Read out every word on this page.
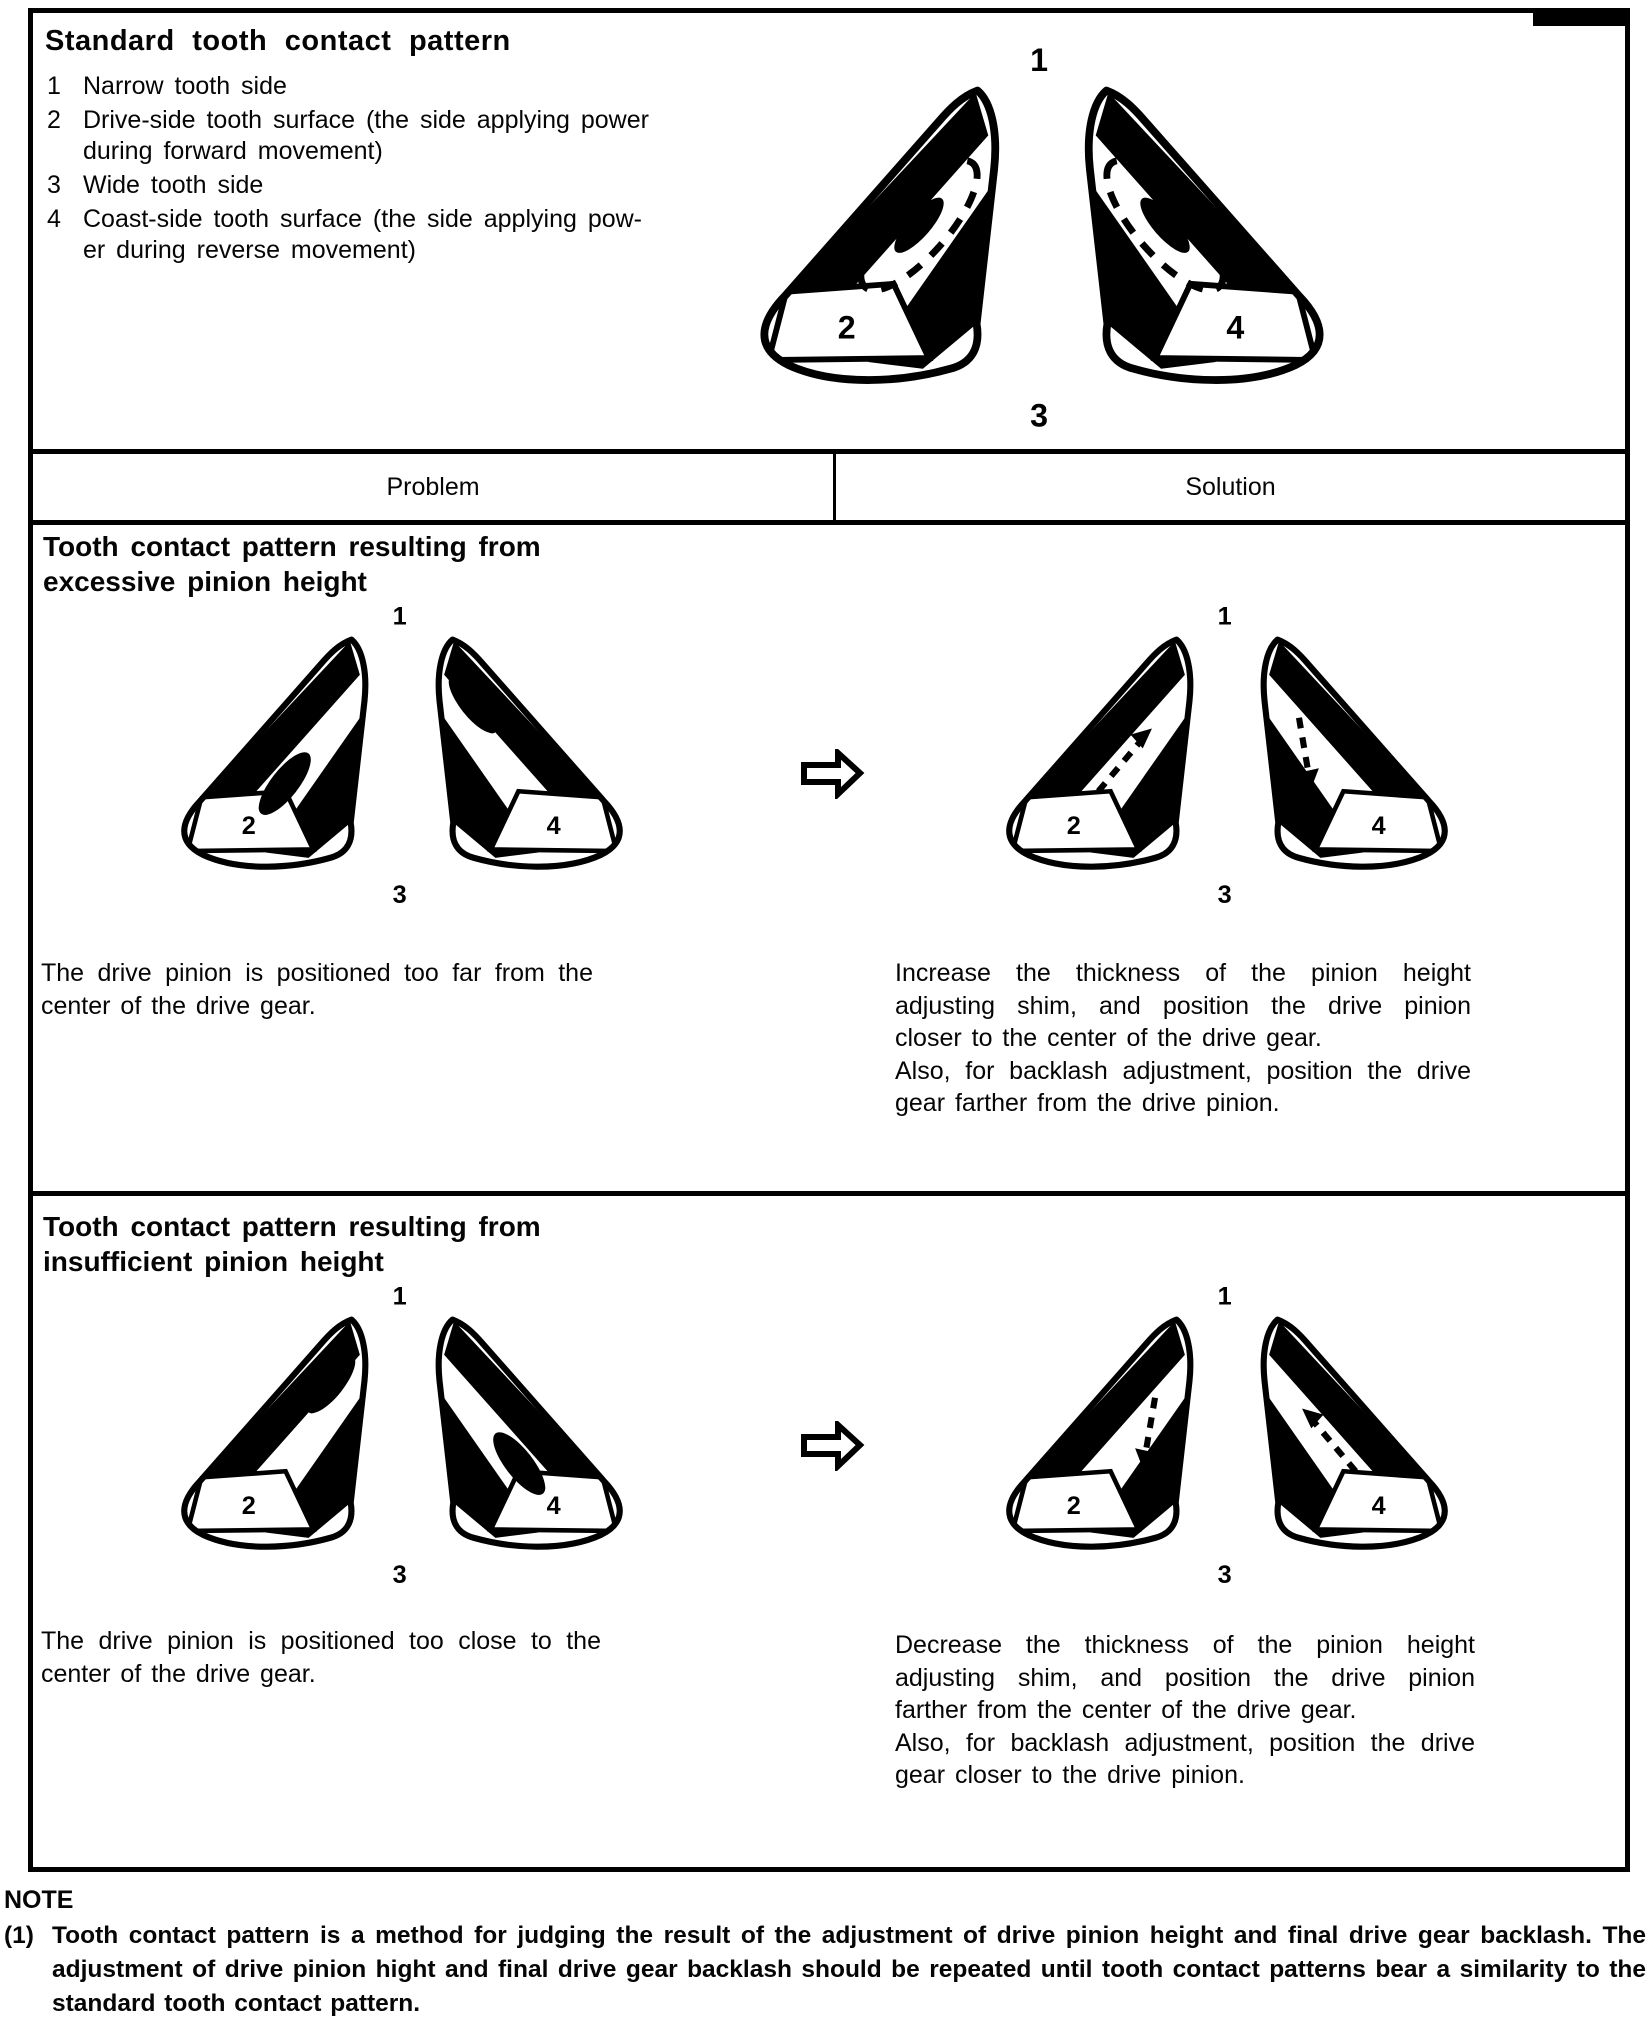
Standard tooth contact pattern
1 Narrow tooth side
2 Drive-side tooth surface (the side applying power
during forward movement)
3 Wide tooth side
4 Coast-side tooth surface (the side applying pow-
er during reverse movement)
1
2
3
4
Problem	Solution
Tooth contact pattern resulting from excessive pinion height
1
2
3
4
1
2
3
4
The drive pinion is positioned too far from the center of the drive gear.
Increase the thickness of the pinion height adjusting shim, and position the drive pinion closer to the center of the drive gear.
Also, for backlash adjustment, position the drive gear farther from the drive pinion.
Tooth contact pattern resulting from insufficient pinion height
1
2
3
4
1
2
3
4
The drive pinion is positioned too close to the center of the drive gear.
Decrease the thickness of the pinion height adjusting shim, and position the drive pinion farther from the center of the drive gear.
Also, for backlash adjustment, position the drive gear closer to the drive pinion.
NOTE
(1) Tooth contact pattern is a method for judging the result of the adjustment of drive pinion height and final drive gear backlash. The adjustment of drive pinion hight and final drive gear backlash should be repeated until tooth contact patterns bear a similarity to the standard tooth contact pattern.
